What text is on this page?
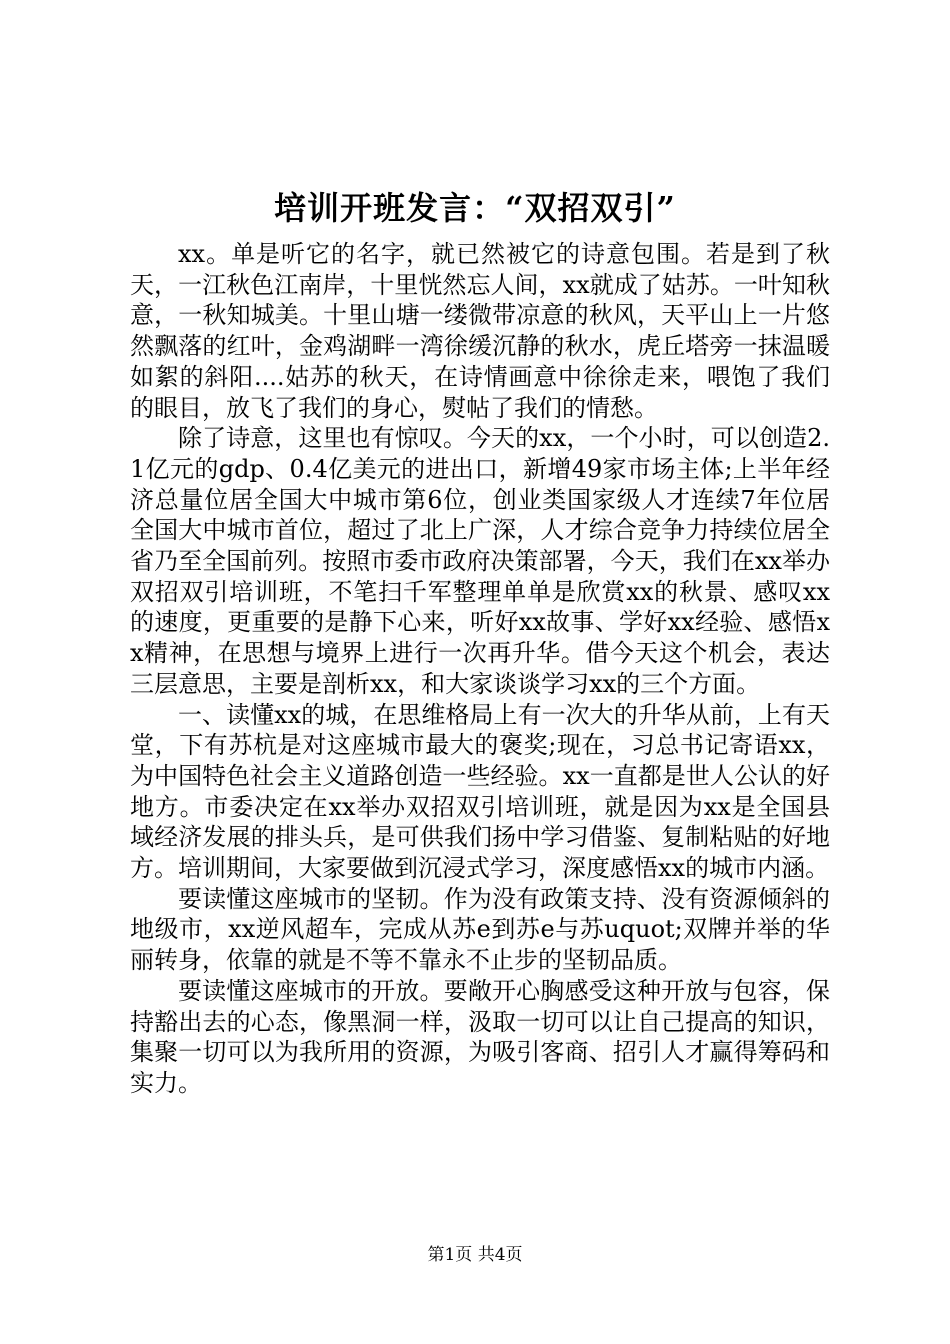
培训开班发言：“双招双引”

xx。单是听它的名字，就已然被它的诗意包围。若是到了秋天，一江秋色江南岸，十里恍然忘人间，xx就成了姑苏。一叶知秋意，一秋知城美。十里山塘一缕微带凉意的秋风，天平山上一片悠然飘落的红叶，金鸡湖畔一湾徐缓沉静的秋水，虎丘塔旁一抹温暖如絮的斜阳....姑苏的秋天，在诗情画意中徐徐走来，喂饱了我们的眼目，放飞了我们的身心，熨帖了我们的情愁。

除了诗意，这里也有惊叹。今天的xx，一个小时，可以创造2.1亿元的gdp、0.4亿美元的进出口，新增49家市场主体;上半年经济总量位居全国大中城市第6位，创业类国家级人才连续7年位居全国大中城市首位，超过了北上广深，人才综合竞争力持续位居全省乃至全国前列。按照市委市政府决策部署，今天，我们在xx举办双招双引培训班，不笔扫千军整理单单是欣赏xx的秋景、感叹xx的速度，更重要的是静下心来，听好xx故事、学好xx经验、感悟xx精神，在思想与境界上进行一次再升华。借今天这个机会，表达三层意思，主要是剖析xx，和大家谈谈学习xx的三个方面。

一、读懂xx的城，在思维格局上有一次大的升华从前，上有天堂，下有苏杭是对这座城市最大的褒奖;现在，习总书记寄语xx，为中国特色社会主义道路创造一些经验。xx一直都是世人公认的好地方。市委决定在xx举办双招双引培训班，就是因为xx是全国县域经济发展的排头兵，是可供我们扬中学习借鉴、复制粘贴的好地方。培训期间，大家要做到沉浸式学习，深度感悟xx的城市内涵。

要读懂这座城市的坚韧。作为没有政策支持、没有资源倾斜的地级市，xx逆风超车，完成从苏e到苏e与苏uquot;双牌并举的华丽转身，依靠的就是不等不靠永不止步的坚韧品质。

要读懂这座城市的开放。要敞开心胸感受这种开放与包容，保持豁出去的心态，像黑洞一样，汲取一切可以让自己提高的知识，集聚一切可以为我所用的资源，为吸引客商、招引人才赢得筹码和实力。

第1页 共4页
